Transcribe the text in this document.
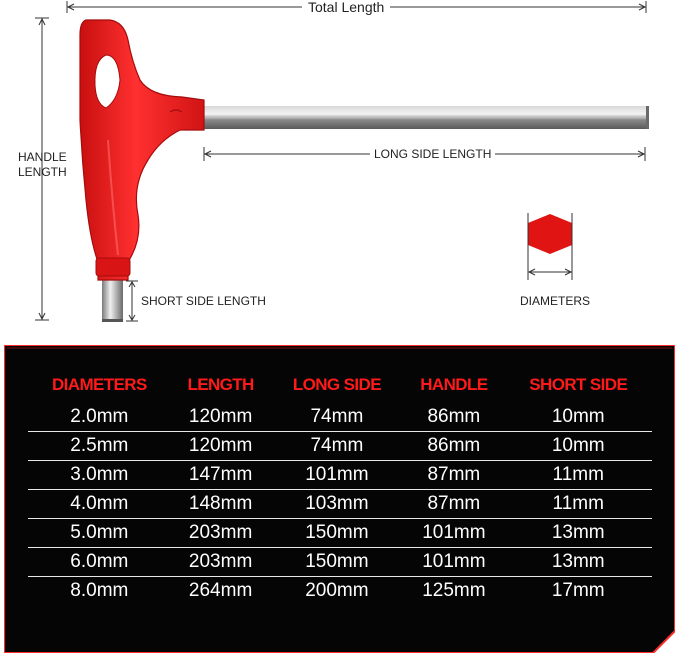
Total Length
HANDLE
LENGTH
LONG SIDE LENGTH
SHORT SIDE LENGTH	DIAMETERS
DIAMETERS	LENGTH	LONG SIDE	HANDLE	SHORT SIDE
2.0mm	120mm	74mm	86mm	10mm
2.5mm	120mm	74mm	86mm	10mm
3.0mm	147mm	101mm	87mm	11mm
4.0mm	148mm	103mm	87mm	11mm
5.0mm	203mm	150mm	101mm	13mm
6.0mm	203mm	150mm	101mm	13mm
8.0mm	264mm	200mm	125mm	17mm
